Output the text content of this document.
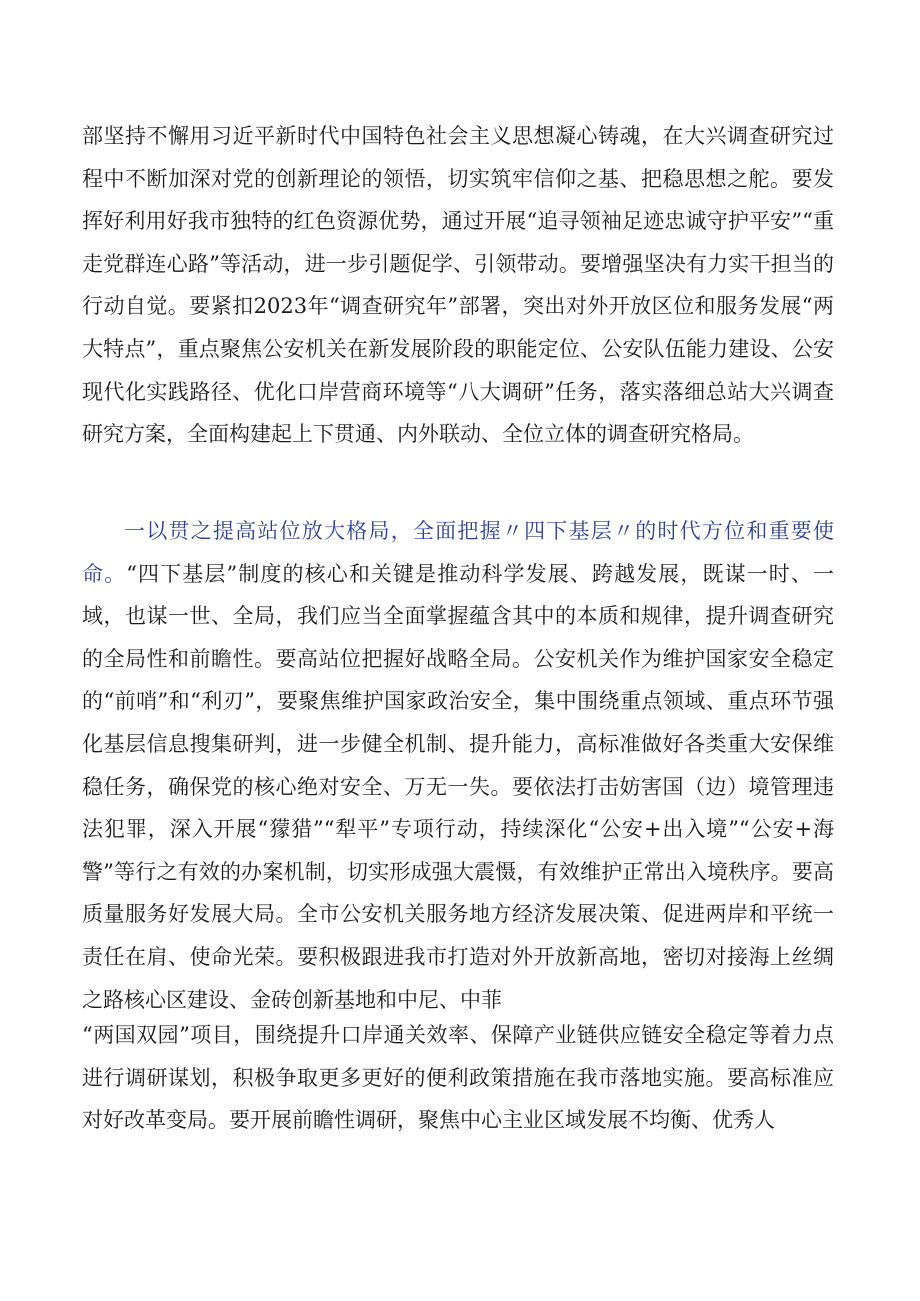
部坚持不懈用习近平新时代中国特色社会主义思想凝心铸魂，在大兴调查研究过程中不断加深对党的创新理论的领悟，切实筑牢信仰之基、把稳思想之舵。要发挥好利用好我市独特的红色资源优势，通过开展“追寻领袖足迹忠诚守护平安”“重走党群连心路”等活动，进一步引题促学、引领带动。要增强坚决有力实干担当的行动自觉。要紧扣2023年“调查研究年”部署，突出对外开放区位和服务发展“两大特点”，重点聚焦公安机关在新发展阶段的职能定位、公安队伍能力建设、公安现代化实践路径、优化口岸营商环境等“八大调研”任务，落实落细总站大兴调查研究方案，全面构建起上下贯通、内外联动、全位立体的调查研究格局。
一以贯之提高站位放大格局，全面把握〃四下基层〃的时代方位和重要使命。“四下基层”制度的核心和关键是推动科学发展、跨越发展，既谋一时、一域，也谋一世、全局，我们应当全面掌握蕴含其中的本质和规律，提升调查研究的全局性和前瞻性。要高站位把握好战略全局。公安机关作为维护国家安全稳定的“前哨”和“利刃”，要聚焦维护国家政治安全，集中围绕重点领域、重点环节强化基层信息搜集研判，进一步健全机制、提升能力，高标准做好各类重大安保维稳任务，确保党的核心绝对安全、万无一失。要依法打击妨害国（边）境管理违法犯罪，深入开展“獴猎”“犁平”专项行动，持续深化“公安+出入境”“公安+海警”等行之有效的办案机制，切实形成强大震慑，有效维护正常出入境秩序。要高质量服务好发展大局。全市公安机关服务地方经济发展决策、促进两岸和平统一责任在肩、使命光荣。要积极跟进我市打造对外开放新高地，密切对接海上丝绸之路核心区建设、金砖创新基地和中尼、中菲
“两国双园”项目，围绕提升口岸通关效率、保障产业链供应链安全稳定等着力点进行调研谋划，积极争取更多更好的便利政策措施在我市落地实施。要高标准应对好改革变局。要开展前瞻性调研，聚焦中心主业区域发展不均衡、优秀人
